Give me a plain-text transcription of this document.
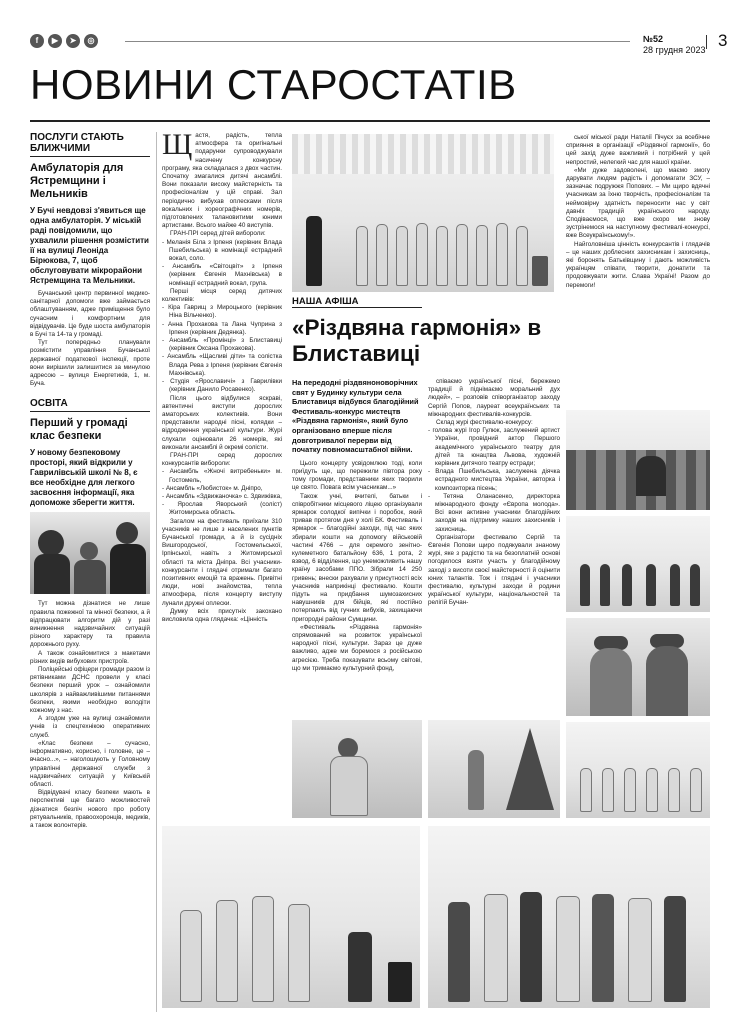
f	▶	➤	◎	№52
28 грудня 2023 3
НОВИНИ СТАРОСТАТІВ
ПОСЛУГИ СТАЮТЬ БЛИЖЧИМИ
Амбулаторія для Ястремщини і Мельників
У Бучі невдовзі з'явиться ще одна амбулаторія. У міській раді повідомили, що ухвалили рішення розмістити її на вулиці Леоніда Бірюкова, 7, щоб обслуговувати мікрорайони Ястремщина та Мельники.

Бучанський центр первинної медико-санітарної допомоги вже займається облаштуванням, адже приміщення було сучасним і комфортним для відвідувачів. Це буде шоста амбулаторія в Бучі та 14-та у громаді.

Тут попередньо планували розмістити управління Бучанської державної податкової інспекції, проте вони вирішили залишитися за минулою адресою – вулиця Енергетиків, 1, м. Буча.

ОСВІТА
Перший у громаді клас безпеки
У новому безпековому просторі, який відкрили у Гаврилівській школі № 8, є все необхідне для легкого засвоєння інформації, яка допоможе зберегти життя.

Тут можна дізнатися не лише правила пожежної та мінної безпеки, а й відпрацювати алгоритм дій у разі виникнення надзвичайних ситуацій різного характеру та правила дорожнього руху.

А також ознайомитися з макетами різних видів вибухових пристроїв.

Поліцейські офіцери громади разом із рятівниками ДСНС провели у класі безпеки перший урок – ознайомили школярів з найважливішими питаннями безпеки, якими необхідно володіти кожному з нас.

А згодом уже на вулиці ознайомили учнів із спецтехнікою оперативних служб.

«Клас безпеки – сучасно, інформативно, корисно, і головне, це – вчасно...», – наголошують у Головному управлінні державної служби з надзвичайних ситуацій у Київській області.

Відвідувачі класу безпеки мають в перспективі ще багато можливостей дізнатися безліч нового про роботу рятувальників, правоохоронців, медиків, а також волонтерів.

Щастя, радість, тепла атмосфера та оригінальні подарунки супроводжували насичену конкурсну програму, яка складалася з двох частин. Спочатку змагалися дитячі ансамблі. Вони показали високу майстерність та професіоналізм у цій справі. Зал періодично вибухав оплесками після вокальних і хореографічних номерів, підготовлених талановитими юними артистами. Всього майже 40 виступів.

ГРАН-ПРІ серед дітей вибороли:

- Меланія Біла з Ірпеня (керівник Влада Пшебильська) в номінації естрадний вокал, соло.
- Ансамбль «Світоцвіт» з Ірпеня (керівник Євгенія Махнівська) в номінації естрадний вокал, група.

Перші місця серед дитячих колективів:

- Кіра Гаврищ з Мироцького (керівник Ніна Вільченко).
- Анна Прохакова та Лана Чуприна з Ірпеня (керівник Дедянка).
- Ансамбль «Промінці» з Блиставиці (керівник Оксана Прохакова).
- Ансамбль «Щасливі діти» та солістка Влада Рева з Ірпеня (керівник Євгенія Махнівська).
- Студія «Ярославичі» з Гаврилівки (керівник Данило Росавенко).

Після цього відбулися яскраві, автентичні виступи дорослих аматорських колективів. Вони представили народні пісні, колядки – відродження української культури. Журі слухали оцінювали 26 номерів, які виконали ансамблі й окремі солісти.

ГРАН-ПРІ серед дорослих конкурсантів вибороли:

- Ансамбль «Жночі витребеньки» м. Гостомель,
- Ансамбль «Любисток» м. Дніпро,
- Ансамбль «Здвижаночка» с. Здвижівка,
- Ярослав Яворський (соліст) Житомирська область.

Загалом на фестиваль приїхали 310 учасників не лише з населених пунктів Бучанської громади, а й із сусідніх Вишгородської, Гостомельської, Ірпінської, навіть з Житомирської області та міста Дніпра. Всі учасники-конкурсанти і глядачі отримали багато позитивних емоцій та вражень. Привітні люди, нові знайомства, тепла атмосфера, після концерту виступу лунали дружні оплески.

Думку всіх присутніх закохано висловила одна глядачка: «Цінність

НАША АФІША
«Різдвяна гармонія» в Блиставиці
На передодні різдвяноноворічних свят у Будинку культури села Блиставиця відбувся благодійний Фестиваль-конкурс мистецтв «Різдвяна гармонія», який було організовано вперше після довготривалої перерви від початку повномасштабної війни.

Цього концерту усвідомлюю тоді, коли приїдуть ще, що пережили півтора року тому громади, представники яких творили це свято. Повага всім учасникам...»

Також учні, вчителі, батьки і співробітники місцевого ліцею організували ярмарок солодкої випічки і поробок, який тривав протягом дня у холі БК. Фестиваль і ярмарок – благодійні заходи, під час яких збирали кошти на допомогу військовій частині 4766 – для окремого зенітно-кулеметного батальйону 636, 1 рота, 2 взвод, 6 відділення, що унеможливить нашу країну засобами ППО. Зібрали 14 250 гривень; внески рахували у присутності всіх учасників наприкінці фестивалю. Кошти підуть на придбання шумозахисних навушників для бійців, які постійно потерпають від гучних вибухів, захищаючи пригородні райони Сумщини.

«Фестиваль «Різдвяна гармонія» спрямований на розвиток української народної пісні, культури. Зараз це дуже важливо, адже ми боремося з російською агресією. Треба показувати всьому світові, що ми тримаємо культурний фонд,

співаємо української пісні, бережемо традиції й піднімаємо моральний дух людей», – розповів співорганізатор заходу Сергій Попов, лауреат всеукраїнських та міжнародних фестивалів-конкурсів.

Склад журі фестивалю-конкурсу:

- голова журі Ігор Гулюк, заслужений артист України, провідний актор Першого академічного українського театру для дітей та юнацтва Львова, художній керівник дитячого театру естради;
- Влада Пшебильська, заслужена діячка естрадного мистецтва України, авторка і композиторка пісень;
- Тетяна Оланасенко, директорка міжнародного фонду «Європа молода». Всі вони активне учасники благодійних заходів на підтримку наших захисників і захисниць.

Організатори фестивалю Сергій та Євгенія Попови щиро подякували знаному журі, яке з радістю та на безоплатній основі погодилося взяти участь у благодійному заході з висоти своєї майстерності й оцінити юних талантів. Тож і глядачі і учасники фестивалю, культурні заходи й родини української культури, національностей та релігій Бучан-

ської міської ради Наталії Пічуєх за всебічне сприяння в організації «Різдвяної гармонії», бо цей захід дуже важливий і потрібний у цей непростий, нелегкий час для нашої країни.

«Ми дуже задоволені, що маємо змогу дарувати людям радість і допомагати ЗСУ, – зазначає подружжя Попових. – Ми щиро вдячні учасникам за їхню творчість, професіоналізм та неймовірну здатність переносити нас у світ давніх традицій українського народу. Сподіваємося, що вже скоро ми знову зустрінемося на наступному фестивалі-конкурсі, вже Всеукраїнському!».

Найголовніша цінність конкурсантів і глядачів – це наших доблесних захисникам і захисниць, які боронять Батьківщину і дають можливість українцям співати, творити, донатити та продовжувати жити. Слава Україні! Разом до перемоги!
